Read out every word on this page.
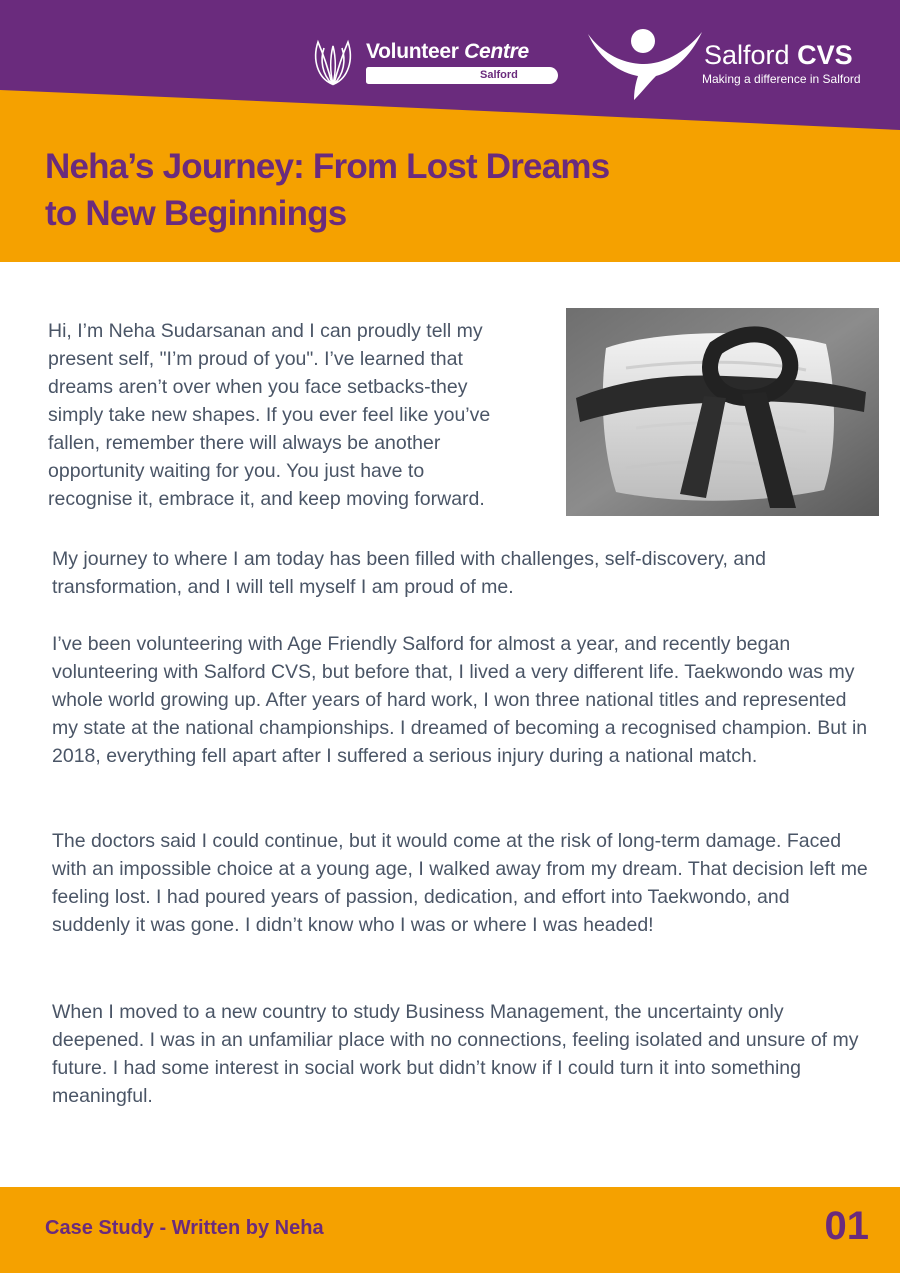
Volunteer Centre
Salford
Salford CVS
Making a difference in Salford
Neha’s Journey: From Lost Dreams
to New Beginnings
Hi, I’m Neha Sudarsanan and I can proudly tell my
present self, "I’m proud of you". I’ve learned that
dreams aren’t over when you face setbacks-they
simply take new shapes. If you ever feel like you’ve
fallen, remember there will always be another
opportunity waiting for you. You just have to
recognise it, embrace it, and keep moving forward.
My journey to where I am today has been filled with challenges, self-discovery, and transformation, and I will tell myself I am proud of me.
I’ve been volunteering with Age Friendly Salford for almost a year, and recently began volunteering with Salford CVS, but before that, I lived a very different life. Taekwondo was my whole world growing up. After years of hard work, I won three national titles and represented my state at the national championships. I dreamed of becoming a recognised champion. But in 2018, everything fell apart after I suffered a serious injury during a national match.
The doctors said I could continue, but it would come at the risk of long-term damage. Faced with an impossible choice at a young age, I walked away from my dream. That decision left me feeling lost. I had poured years of passion, dedication, and effort into Taekwondo, and suddenly it was gone. I didn’t know who I was or where I was headed!
When I moved to a new country to study Business Management, the uncertainty only deepened. I was in an unfamiliar place with no connections, feeling isolated and unsure of my future. I had some interest in social work but didn’t know if I could turn it into something meaningful.
Case Study - Written by Neha	01
